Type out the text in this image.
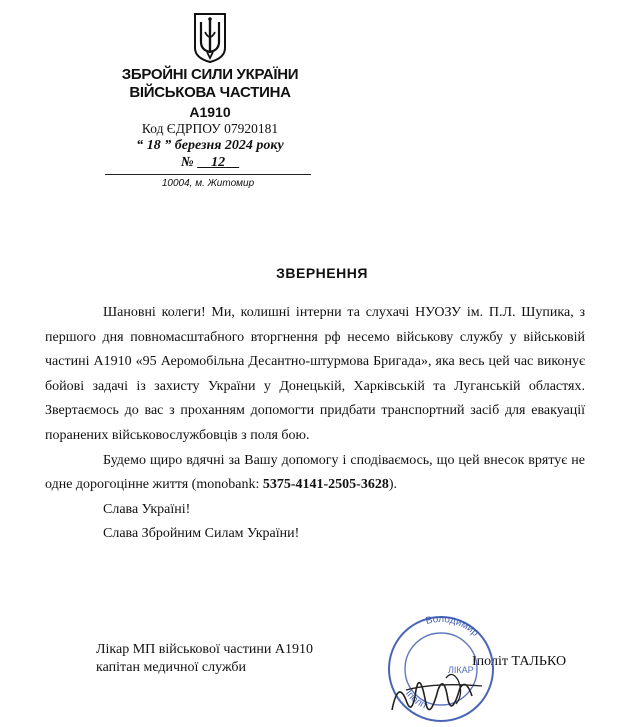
ЗБРОЙНІ СИЛИ УКРАЇНИ
ВІЙСЬКОВА ЧАСТИНА
А1910
Код ЄДРПОУ 07920181
“ 18 ” березня 2024 року
№ 12
10004, м. Житомир
ЗВЕРНЕННЯ

Шановні колеги! Ми, колишні інтерни та слухачі НУОЗУ ім. П.Л. Шупика, з першого дня повномасштабного вторгнення рф несемо військову службу у військовій частині А1910 «95 Аеромобільна Десантно-штурмова Бригада», яка весь цей час виконує бойові задачі із захисту України у Донецькій, Харківській та Луганській областях. Звертаємось до вас з проханням допомогти придбати транспортний засіб для евакуації поранених військовослужбовців з поля бою.

Будемо щиро вдячні за Вашу допомогу і сподіваємось, що цей внесок врятує не одне дорогоцінне життя (monobank: 5375-4141-2505-3628).

Слава Україні!

Слава Збройним Силам України!

Лікар МП військової частини А1910
капітан медичної служби	Іполіт ТАЛЬКО
Володимир
Іполіт
ЛІКАР
